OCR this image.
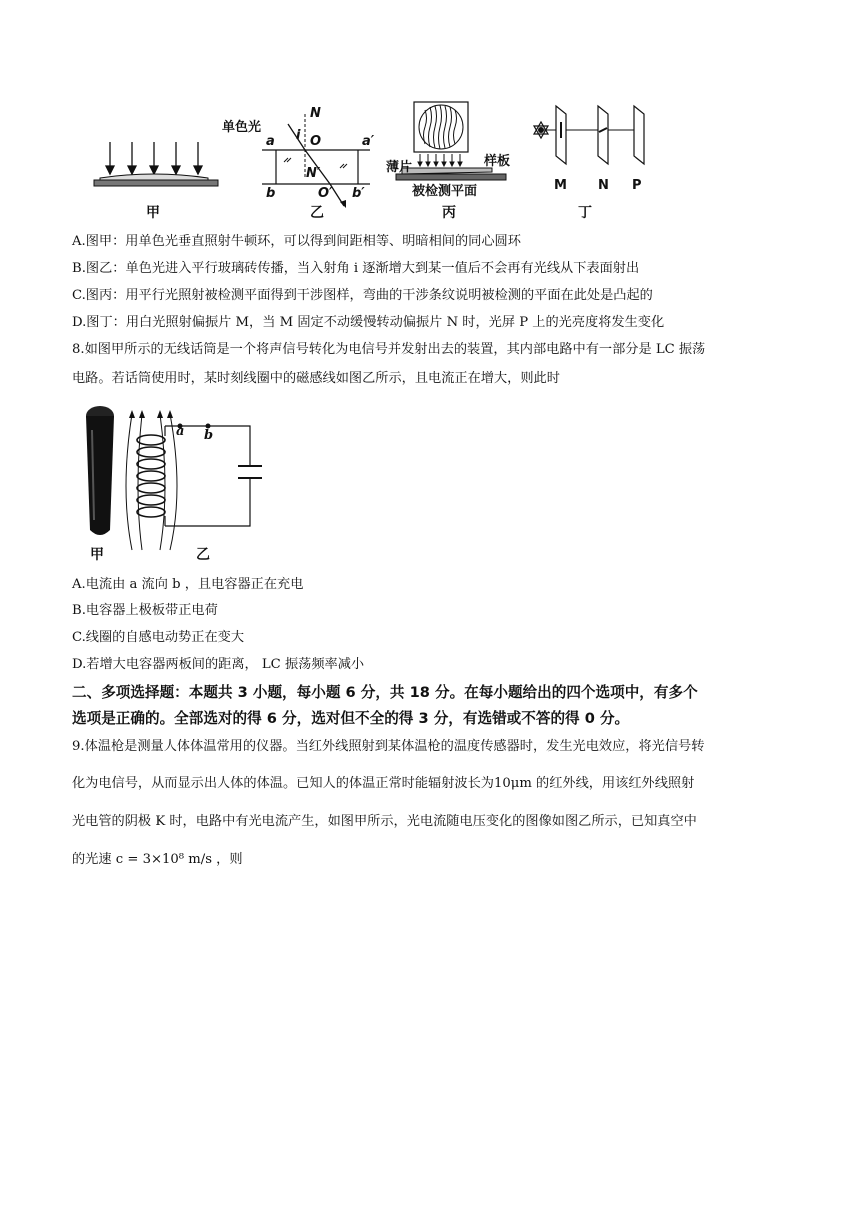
甲
单色光
i
N
a	O	a′
N′
b	O′ b′
乙
薄片	样板
被检测平面
丙
M N P
丁
A.图甲：用单色光垂直照射牛顿环，可以得到间距相等、明暗相间的同心圆环
B.图乙：单色光进入平行玻璃砖传播，当入射角 i 逐渐增大到某一值后不会再有光线从下表面射出
C.图丙：用平行光照射被检测平面得到干涉图样，弯曲的干涉条纹说明被检测的平面在此处是凸起的
D.图丁：用白光照射偏振片 M，当 M 固定不动缓慢转动偏振片 N 时，光屏 P 上的光亮度将发生变化
8.如图甲所示的无线话筒是一个将声信号转化为电信号并发射出去的装置，其内部电路中有一部分是 LC 振荡
电路。若话筒使用时，某时刻线圈中的磁感线如图乙所示，且电流正在增大，则此时
a b
甲	乙
A.电流由 a 流向 b ，且电容器正在充电
B.电容器上极板带正电荷
C.线圈的自感电动势正在变大
D.若增大电容器两板间的距离， LC 振荡频率减小
二、多项选择题：本题共 3 小题，每小题 6 分，共 18 分。在每小题给出的四个选项中，有多个
选项是正确的。全部选对的得 6 分，选对但不全的得 3 分，有选错或不答的得 0 分。
9.体温枪是测量人体体温常用的仪器。当红外线照射到某体温枪的温度传感器时，发生光电效应，将光信号转
化为电信号，从而显示出人体的体温。已知人的体温正常时能辐射波长为10μm 的红外线，用该红外线照射
光电管的阴极 K 时，电路中有光电流产生，如图甲所示，光电流随电压变化的图像如图乙所示，已知真空中
的光速 c = 3×10⁸ m/s ，则
